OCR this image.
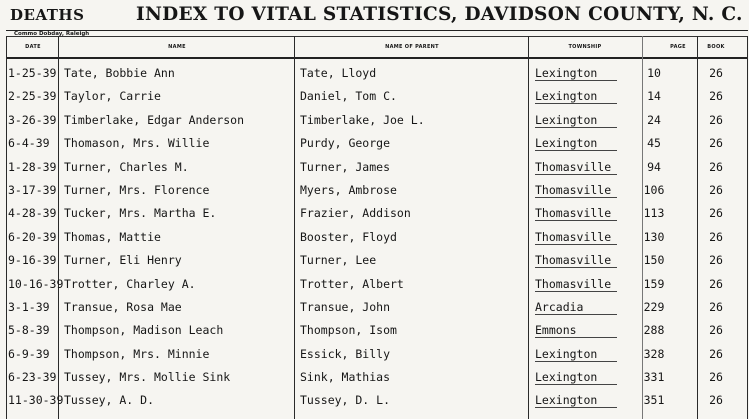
DEATHS	INDEX TO VITAL STATISTICS, DAVIDSON COUNTY, N. C.
Commo Dobday, Raleigh
DATE	NAME	NAME OF PARENT	TOWNSHIP	PAGE	BOOK
1-25-39 Tate, Bobbie Ann	Tate, Lloyd	Lexington	10	26
2-25-39 Taylor, Carrie	Daniel, Tom C.	Lexington	14	26
3-26-39 Timberlake, Edgar Anderson	Timberlake, Joe L.	Lexington	24	26
6-4-39 Thomason, Mrs. Willie	Purdy, George	Lexington	45	26
1-28-39 Turner, Charles M.	Turner, James	Thomasville	94	26
3-17-39 Turner, Mrs. Florence	Myers, Ambrose	Thomasville	106	26
4-28-39 Tucker, Mrs. Martha E.	Frazier, Addison	Thomasville	113	26
6-20-39 Thomas, Mattie	Booster, Floyd	Thomasville	130	26
9-16-39 Turner, Eli Henry	Turner, Lee	Thomasville	150	26
10-16-39 Trotter, Charley A.	Trotter, Albert	Thomasville	159	26
3-1-39 Transue, Rosa Mae	Transue, John	Arcadia	229	26
5-8-39 Thompson, Madison Leach	Thompson, Isom	Emmons	288	26
6-9-39 Thompson, Mrs. Minnie	Essick, Billy	Lexington	328	26
6-23-39 Tussey, Mrs. Mollie Sink	Sink, Mathias	Lexington	331	26
11-30-39 Tussey, A. D.	Tussey, D. L.	Lexington	351	26
